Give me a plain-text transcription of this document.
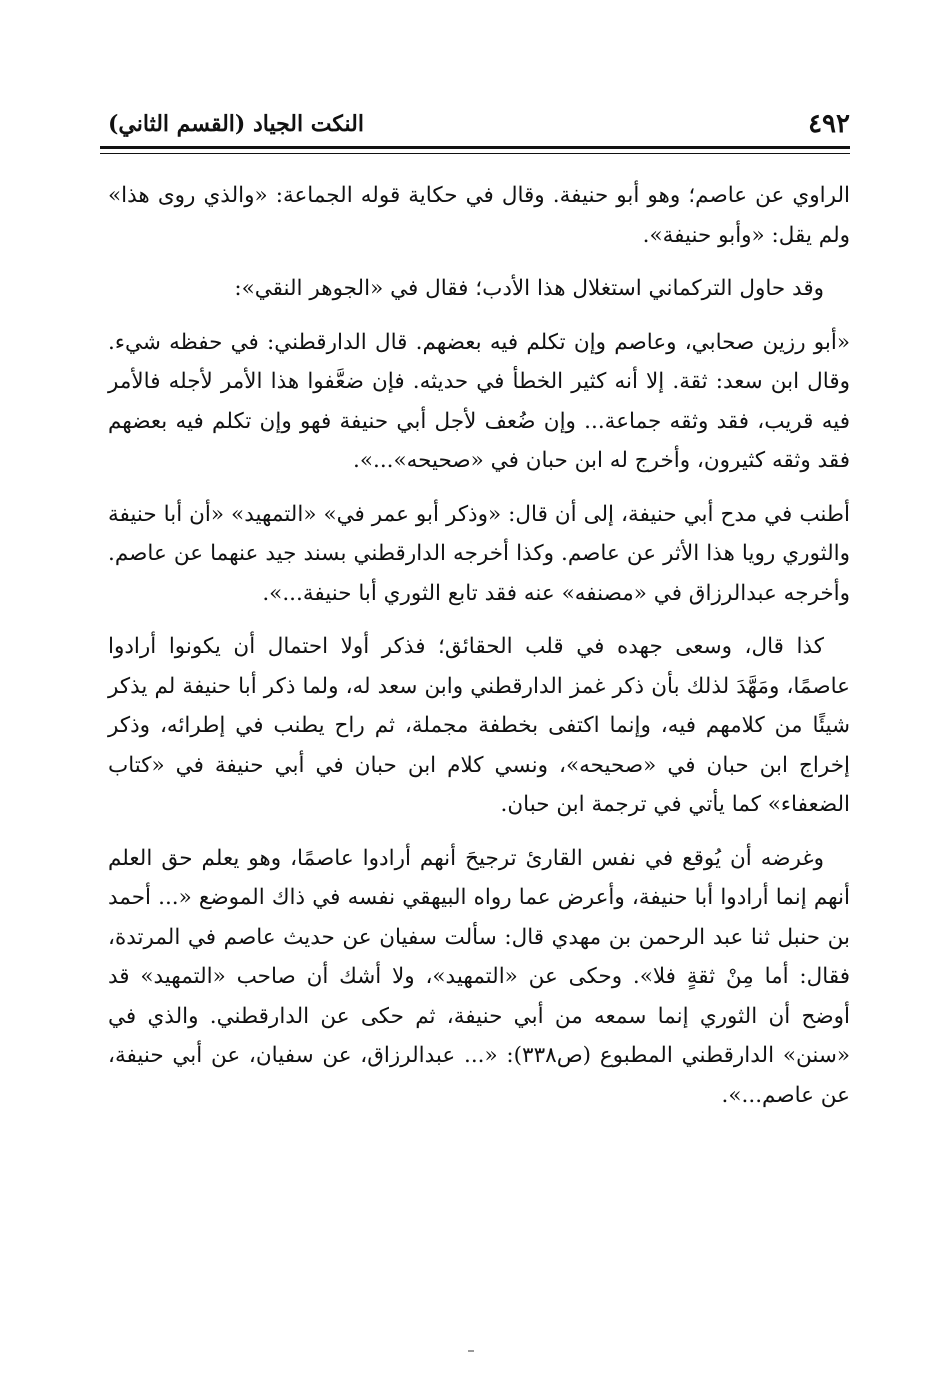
٤٩٢
النكت الجياد (القسم الثاني)

الراوي عن عاصم؛ وهو أبو حنيفة. وقال في حكاية قوله الجماعة: «والذي روى هذا» ولم يقل: «وأبو حنيفة».

وقد حاول التركماني استغلال هذا الأدب؛ فقال في «الجوهر النقي»:

«أبو رزين صحابي، وعاصم وإن تكلم فيه بعضهم. قال الدارقطني: في حفظه شيء. وقال ابن سعد: ثقة. إلا أنه كثير الخطأ في حديثه. فإن ضعَّفوا هذا الأمر لأجله فالأمر فيه قريب، فقد وثقه جماعة... وإن ضُعف لأجل أبي حنيفة فهو وإن تكلم فيه بعضهم فقد وثقه كثيرون، وأخرج له ابن حبان في «صحيحه»...».

أطنب في مدح أبي حنيفة، إلى أن قال: «وذكر أبو عمر في» «التمهيد» «أن أبا حنيفة والثوري رويا هذا الأثر عن عاصم. وكذا أخرجه الدارقطني بسند جيد عنهما عن عاصم. وأخرجه عبدالرزاق في «مصنفه» عنه فقد تابع الثوري أبا حنيفة...».

كذا قال، وسعى جهده في قلب الحقائق؛ فذكر أولا احتمال أن يكونوا أرادوا عاصمًا، ومَهَّدَ لذلك بأن ذكر غمز الدارقطني وابن سعد له، ولما ذكر أبا حنيفة لم يذكر شيئًا من كلامهم فيه، وإنما اكتفى بخطفة مجملة، ثم راح يطنب في إطرائه، وذكر إخراج ابن حبان في «صحيحه»، ونسي كلام ابن حبان في أبي حنيفة في «كتاب الضعفاء» كما يأتي في ترجمة ابن حبان.

وغرضه أن يُوقع في نفس القارئ ترجيحَ أنهم أرادوا عاصمًا، وهو يعلم حق العلم أنهم إنما أرادوا أبا حنيفة، وأعرض عما رواه البيهقي نفسه في ذاك الموضع «... أحمد بن حنبل ثنا عبد الرحمن بن مهدي قال: سألت سفيان عن حديث عاصم في المرتدة، فقال: أما مِنْ ثقةٍ فلا». وحكى عن «التمهيد»، ولا أشك أن صاحب «التمهيد» قد أوضح أن الثوري إنما سمعه من أبي حنيفة، ثم حكى عن الدارقطني. والذي في «سنن» الدارقطني المطبوع (ص٣٣٨): «... عبدالرزاق، عن سفيان، عن أبي حنيفة، عن عاصم...».
